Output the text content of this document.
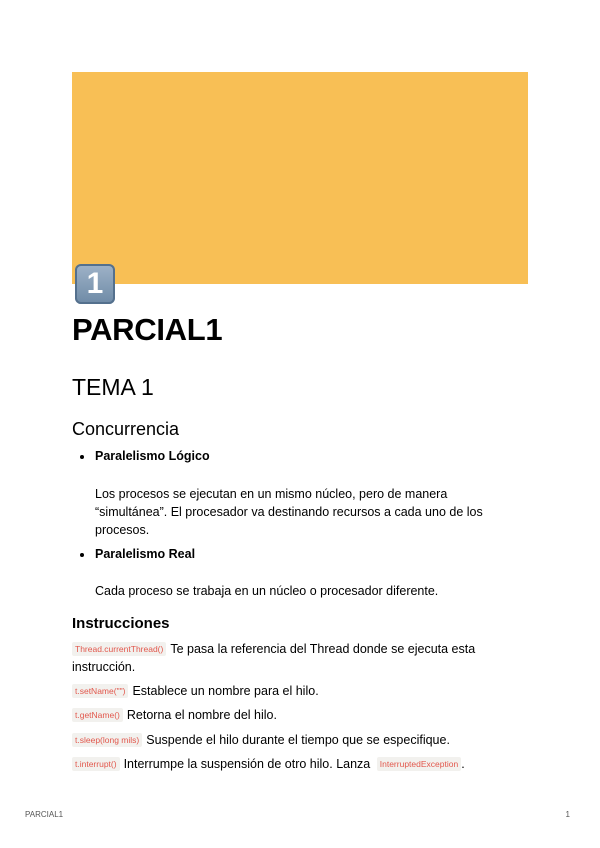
1
PARCIAL1
TEMA 1
Concurrencia
Paralelismo Lógico
Los procesos se ejecutan en un mismo núcleo, pero de manera “simultánea”. El procesador va destinando recursos a cada uno de los procesos.
Paralelismo Real
Cada proceso se trabaja en un núcleo o procesador diferente.
Instrucciones
Thread.currentThread() Te pasa la referencia del Thread donde se ejecuta esta instrucción.
t.setName("") Establece un nombre para el hilo.
t.getName() Retorna el nombre del hilo.
t.sleep(long mils) Suspende el hilo durante el tiempo que se especifique.
t.interrupt() Interrumpe la suspensión de otro hilo. Lanza InterruptedException .
PARCIAL1	1
